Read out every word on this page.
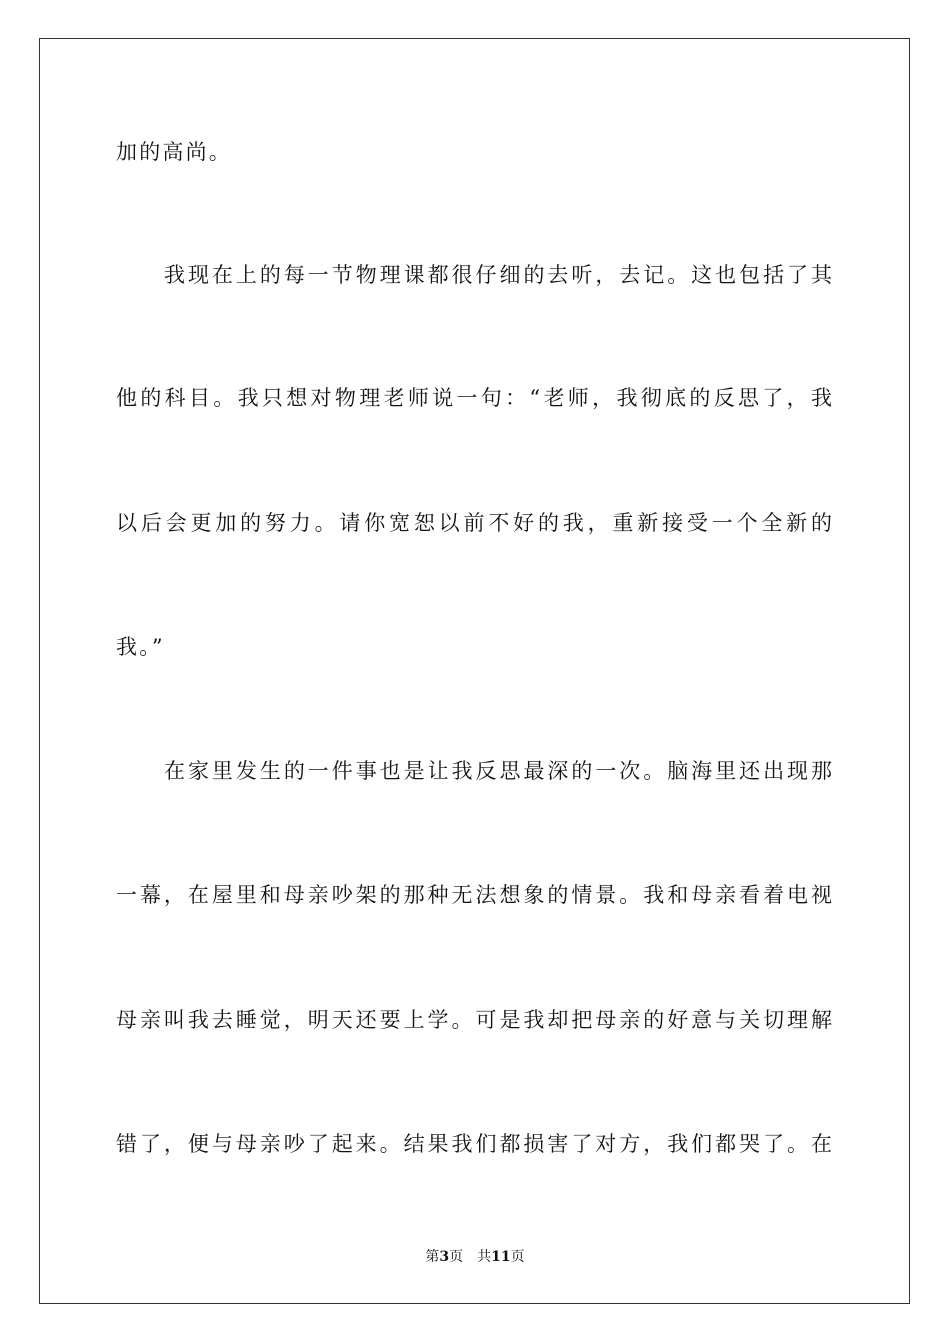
加的高尚。
我现在上的每一节物理课都很仔细的去听，去记。这也包括了其
他的科目。我只想对物理老师说一句：“老师，我彻底的反思了，我
以后会更加的努力。请你宽恕以前不好的我，重新接受一个全新的
我。”
在家里发生的一件事也是让我反思最深的一次。脑海里还出现那
一幕，在屋里和母亲吵架的那种无法想象的情景。我和母亲看着电视
母亲叫我去睡觉，明天还要上学。可是我却把母亲的好意与关切理解
错了，便与母亲吵了起来。结果我们都损害了对方，我们都哭了。在
第3页 共11页
